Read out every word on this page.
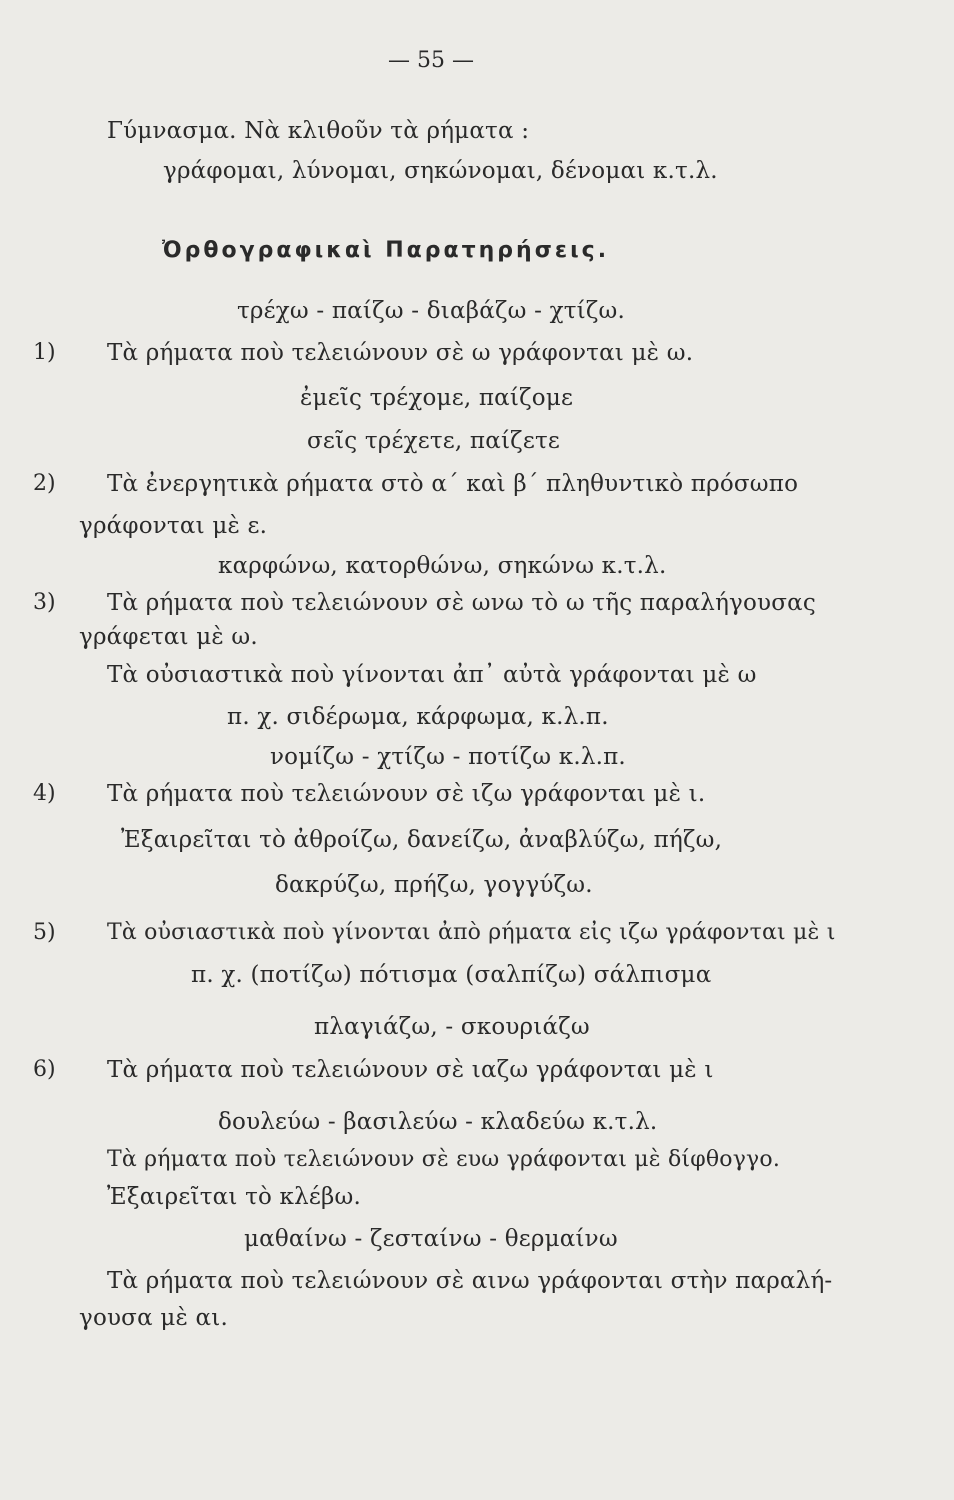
— 55 —
Γύμνασμα. Νὰ κλιθοῦν τὰ ρήματα :
γράφομαι, λύνομαι, σηκώνομαι, δένομαι κ.τ.λ.
Ὀρθογραφικαὶ Παρατηρήσεις.
τρέχω - παίζω - διαβάζω - χτίζω.
1) Τὰ ρήματα ποὺ τελειώνουν σὲ ω γράφονται μὲ ω.
ἐμεῖς τρέχομε, παίζομε
σεῖς τρέχετε, παίζετε
2) Τὰ ἐνεργητικὰ ρήματα στὸ α΄ καὶ β΄ πληθυντικὸ πρόσωπο
γράφονται μὲ ε.
καρφώνω, κατορθώνω, σηκώνω κ.τ.λ.
3) Τὰ ρήματα ποὺ τελειώνουν σὲ ωνω τὸ ω τῆς παραλήγουσας
γράφεται μὲ ω.
Τὰ οὐσιαστικὰ ποὺ γίνονται ἀπ᾽ αὐτὰ γράφονται μὲ ω
π. χ. σιδέρωμα, κάρφωμα, κ.λ.π.
νομίζω - χτίζω - ποτίζω κ.λ.π.
4) Τὰ ρήματα ποὺ τελειώνουν σὲ ιζω γράφονται μὲ ι.
Ἐξαιρεῖται τὸ ἀθροίζω, δανείζω, ἀναβλύζω, πήζω,
δακρύζω, πρήζω, γογγύζω.
5) Τὰ οὐσιαστικὰ ποὺ γίνονται ἀπὸ ρήματα εἰς ιζω γράφονται μὲ ι
π. χ. (ποτίζω) πότισμα (σαλπίζω) σάλπισμα
πλαγιάζω, - σκουριάζω
6) Τὰ ρήματα ποὺ τελειώνουν σὲ ιαζω γράφονται μὲ ι
δουλεύω - βασιλεύω - κλαδεύω κ.τ.λ.
Τὰ ρήματα ποὺ τελειώνουν σὲ ευω γράφονται μὲ δίφθογγο.
Ἐξαιρεῖται τὸ κλέβω.
μαθαίνω - ζεσταίνω - θερμαίνω
Τὰ ρήματα ποὺ τελειώνουν σὲ αινω γράφονται στὴν παραλή-
γουσα μὲ αι.
